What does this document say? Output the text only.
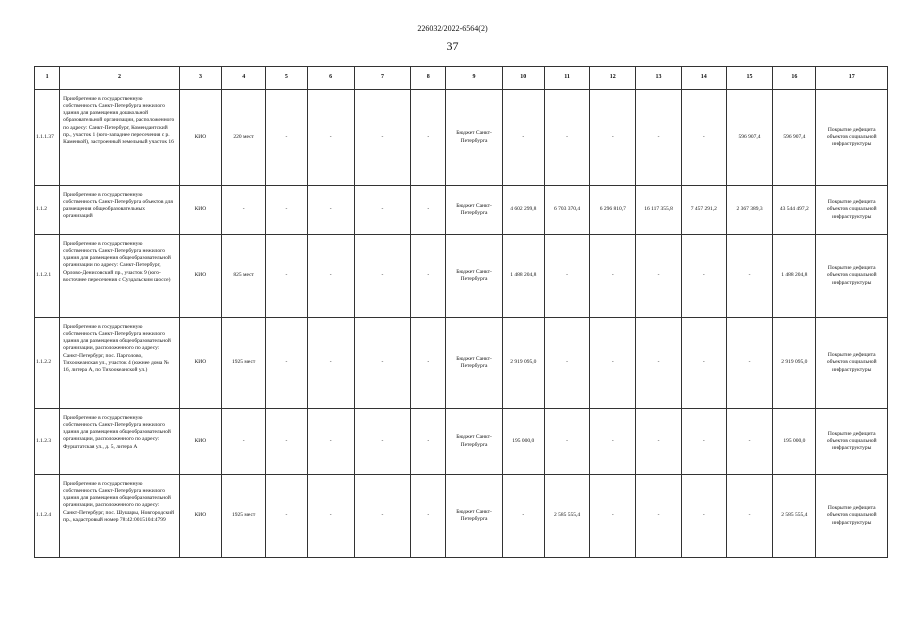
226032/2022-6564(2)
37
1	2	3	4	5	6	7	8	9	10	11	12	13	14	15	16	17
1.1.1.37	Приобретение в государственную собственность Санкт-Петербурга нежилого здания для размещения дошкольной образовательной организации, расположенного по адресу: Санкт-Петербург, Комендантский пр., участок 1 (юго-западнее пересечения с р. Каменкой), застроенный земельный участок 16	КИО	220 мест	-	-	-	-	Бюджет Санкт-Петербурга	-	-	-	-	-	596 907,4	596 907,4	Покрытие дефицита объектов социальной инфраструктуры
1.1.2	Приобретение в государственную собственность Санкт-Петербурга объектов для размещения общеобразовательных организаций	КИО	-	-	-	-	-	Бюджет Санкт-Петербурга	4 602 299,8	6 703 370,4	6 296 810,7	16 117 355,8	7 457 291,2	2 367 389,3	43 544 497,2	Покрытие дефицита объектов социальной инфраструктуры
1.1.2.1	Приобретение в государственную собственность Санкт-Петербурга нежилого здания для размещения общеобразовательной организации по адресу: Санкт-Петербург, Орлово-Денисовский пр., участок 9 (юго-восточнее пересечения с Суздальским шоссе)	КИО	825 мест	-	-	-	-	Бюджет Санкт-Петербурга	1 488 204,8	-	-	-	-	-	1 488 204,8	Покрытие дефицита объектов социальной инфраструктуры
1.1.2.2	Приобретение в государственную собственность Санкт-Петербурга нежилого здания для размещения общеобразовательной организации, расположенного по адресу: Санкт-Петербург, пос. Парголово, Тихоокеанская ул., участок 4 (южнее дома № 16, литера А, по Тихоокеанской ул.)	КИО	1925 мест	-	-	-	-	Бюджет Санкт-Петербурга	2 919 095,0	-	-	-	-	-	2 919 095,0	Покрытие дефицита объектов социальной инфраструктуры
1.1.2.3	Приобретение в государственную собственность Санкт-Петербурга нежилого здания для размещения общеобразовательной организации, расположенного по адресу: Фурштатская ул., д. 5, литера А	КИО	-	-	-	-	-	Бюджет Санкт-Петербурга	195 000,0	-	-	-	-	-	195 000,0	Покрытие дефицита объектов социальной инфраструктуры
1.1.2.4	Приобретение в государственную собственность Санкт-Петербурга нежилого здания для размещения общеобразовательной организации, расположенного по адресу: Санкт-Петербург, пос. Шушары, Новгородский пр., кадастровый номер 78:42:0015104:4799	КИО	1925 мест	-	-	-	-	Бюджет Санкт-Петербурга	-	2 585 555,4	-	-	-	-	2 585 555,4	Покрытие дефицита объектов социальной инфраструктуры
